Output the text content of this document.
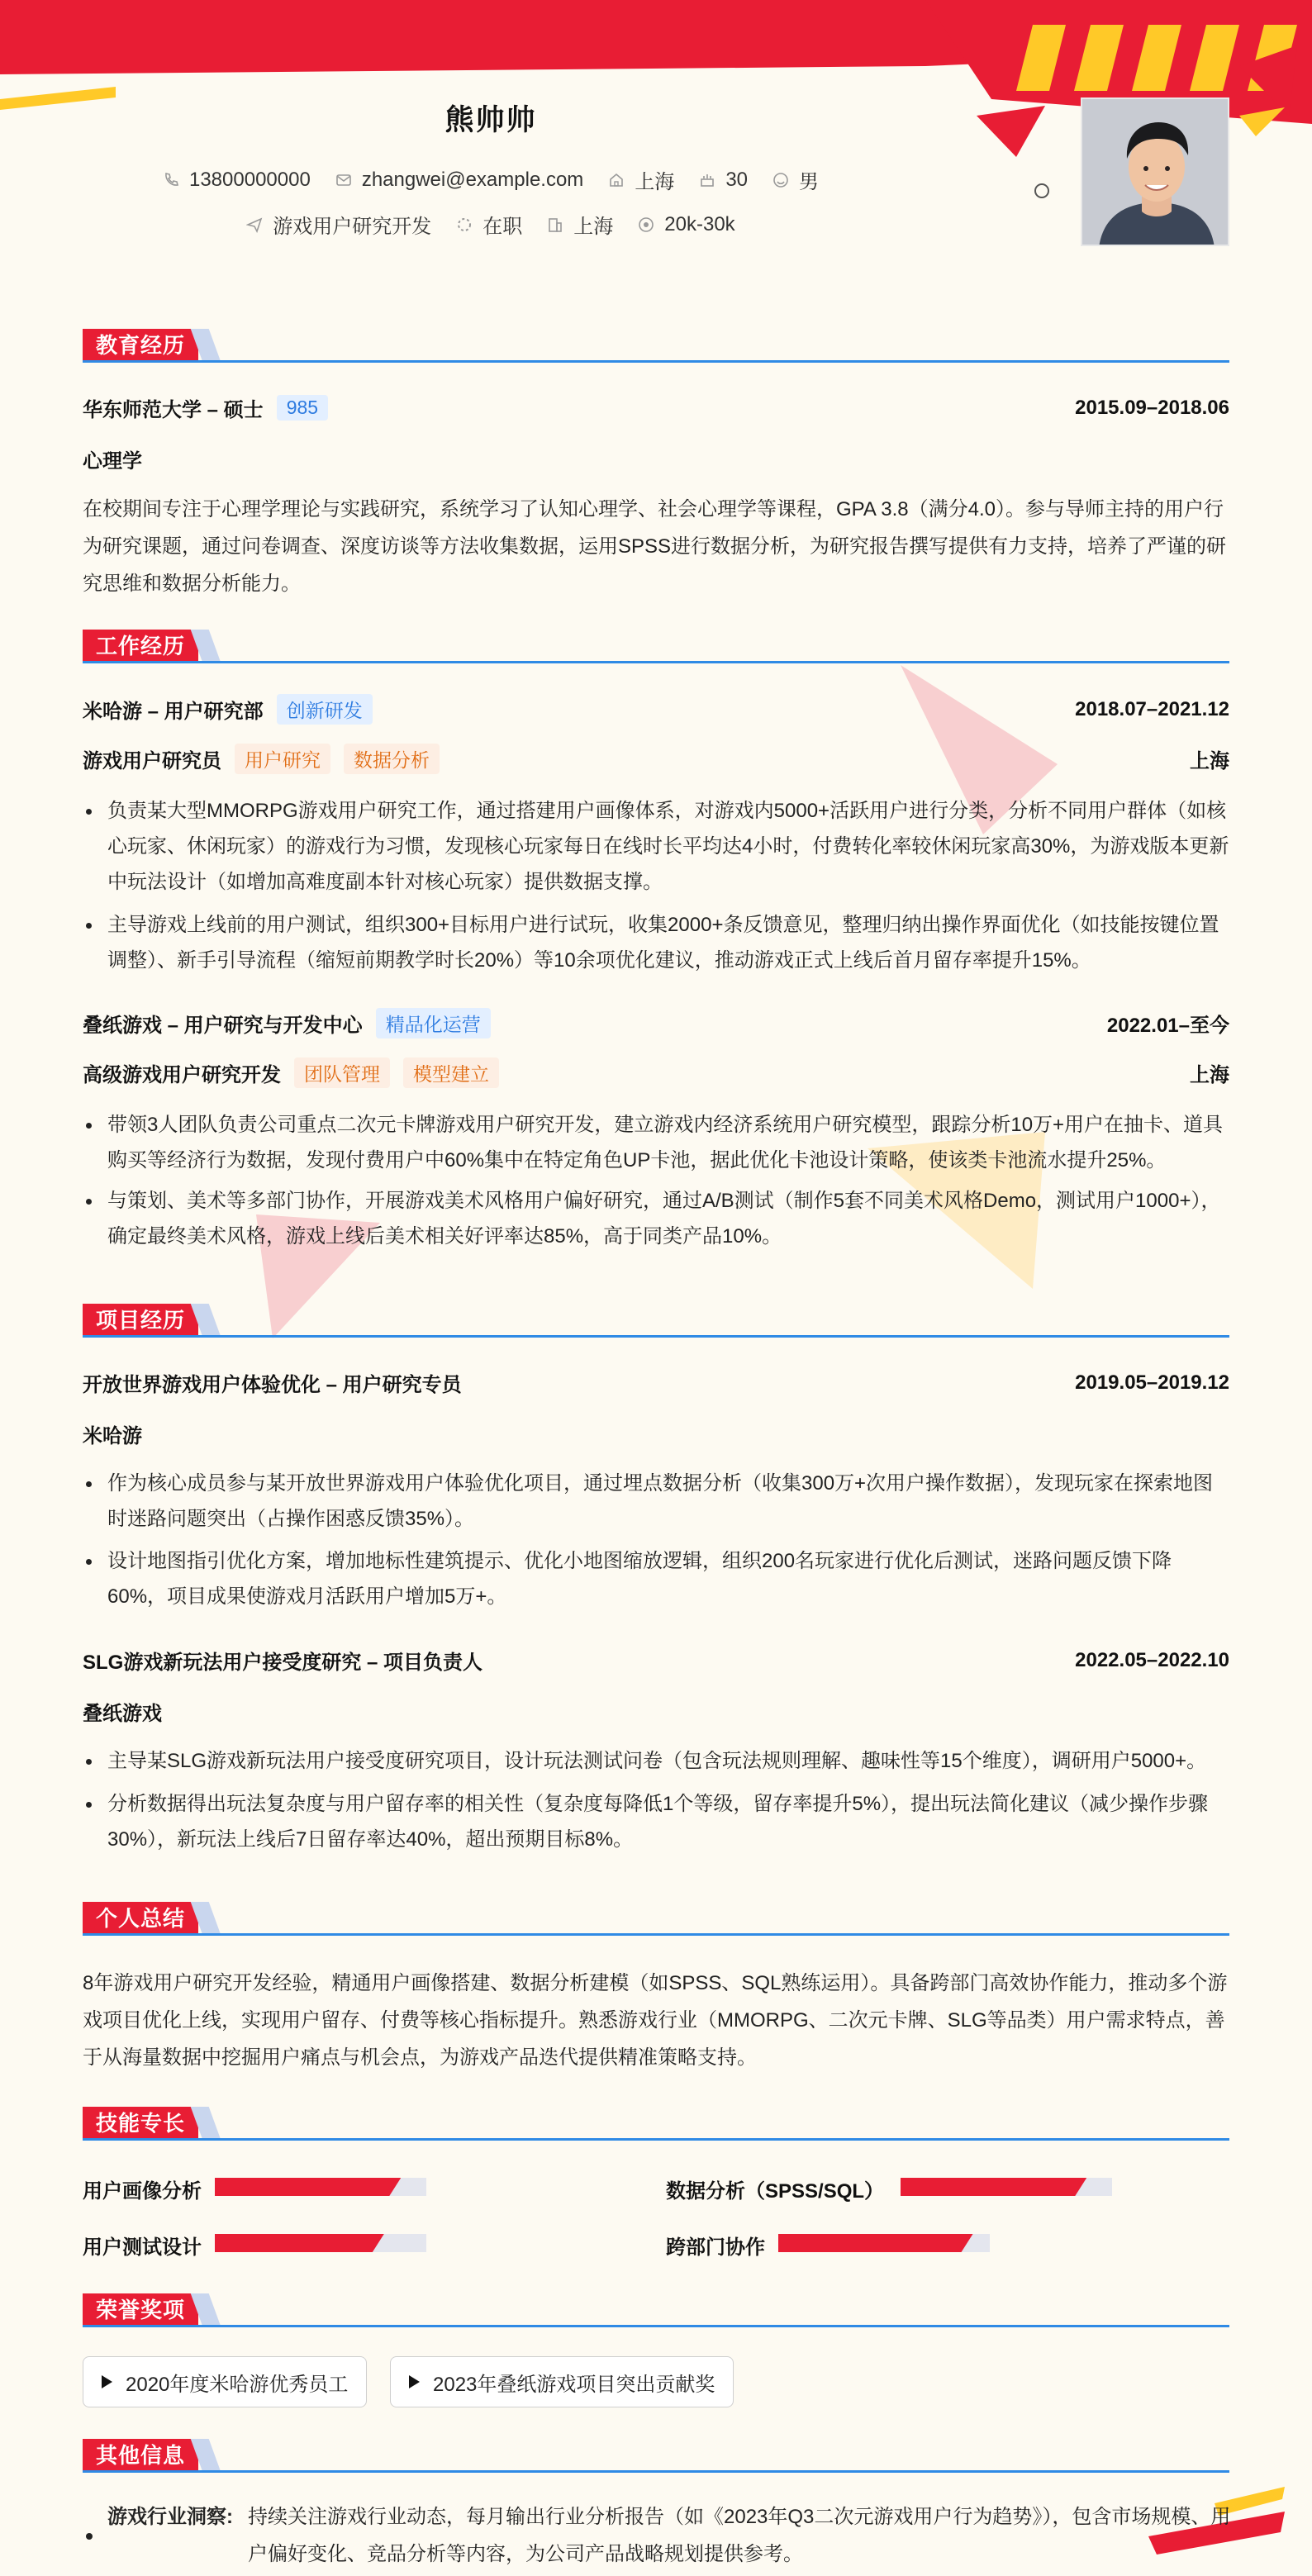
熊帅帅
13800000000	zhangwei@example.com	上海	30	男
游戏用户研究开发	在职	上海	20k-30k
教育经历
华东师范大学 – 硕士	985	2015.09–2018.06
心理学
在校期间专注于心理学理论与实践研究，系统学习了认知心理学、社会心理学等课程，GPA 3.8（满分4.0）。参与导师主持的用户行为研究课题，通过问卷调查、深度访谈等方法收集数据，运用SPSS进行数据分析，为研究报告撰写提供有力支持，培养了严谨的研究思维和数据分析能力。
工作经历
米哈游 – 用户研究部	创新研发	2018.07–2021.12
游戏用户研究员	用户研究	数据分析	上海
负责某大型MMORPG游戏用户研究工作，通过搭建用户画像体系，对游戏内5000+活跃用户进行分类，分析不同用户群体（如核心玩家、休闲玩家）的游戏行为习惯，发现核心玩家每日在线时长平均达4小时，付费转化率较休闲玩家高30%，为游戏版本更新中玩法设计（如增加高难度副本针对核心玩家）提供数据支撑。
主导游戏上线前的用户测试，组织300+目标用户进行试玩，收集2000+条反馈意见，整理归纳出操作界面优化（如技能按键位置调整）、新手引导流程（缩短前期教学时长20%）等10余项优化建议，推动游戏正式上线后首月留存率提升15%。
叠纸游戏 – 用户研究与开发中心	精品化运营	2022.01–至今
高级游戏用户研究开发	团队管理	模型建立	上海
带领3人团队负责公司重点二次元卡牌游戏用户研究开发，建立游戏内经济系统用户研究模型，跟踪分析10万+用户在抽卡、道具购买等经济行为数据，发现付费用户中60%集中在特定角色UP卡池，据此优化卡池设计策略，使该类卡池流水提升25%。
与策划、美术等多部门协作，开展游戏美术风格用户偏好研究，通过A/B测试（制作5套不同美术风格Demo，测试用户1000+），确定最终美术风格，游戏上线后美术相关好评率达85%，高于同类产品10%。
项目经历
开放世界游戏用户体验优化 – 用户研究专员	2019.05–2019.12
米哈游
作为核心成员参与某开放世界游戏用户体验优化项目，通过埋点数据分析（收集300万+次用户操作数据），发现玩家在探索地图时迷路问题突出（占操作困惑反馈35%）。
设计地图指引优化方案，增加地标性建筑提示、优化小地图缩放逻辑，组织200名玩家进行优化后测试，迷路问题反馈下降60%，项目成果使游戏月活跃用户增加5万+。
SLG游戏新玩法用户接受度研究 – 项目负责人	2022.05–2022.10
叠纸游戏
主导某SLG游戏新玩法用户接受度研究项目，设计玩法测试问卷（包含玩法规则理解、趣味性等15个维度），调研用户5000+。
分析数据得出玩法复杂度与用户留存率的相关性（复杂度每降低1个等级，留存率提升5%），提出玩法简化建议（减少操作步骤30%），新玩法上线后7日留存率达40%，超出预期目标8%。
个人总结
8年游戏用户研究开发经验，精通用户画像搭建、数据分析建模（如SPSS、SQL熟练运用）。具备跨部门高效协作能力，推动多个游戏项目优化上线，实现用户留存、付费等核心指标提升。熟悉游戏行业（MMORPG、二次元卡牌、SLG等品类）用户需求特点，善于从海量数据中挖掘用户痛点与机会点，为游戏产品迭代提供精准策略支持。
技能专长
用户画像分析	数据分析（SPSS/SQL）
用户测试设计	跨部门协作
荣誉奖项
2020年度米哈游优秀员工	2023年叠纸游戏项目突出贡献奖
其他信息
游戏行业洞察: 持续关注游戏行业动态，每月输出行业分析报告（如《2023年Q3二次元游戏用户行为趋势》），包含市场规模、用户偏好变化、竞品分析等内容，为公司产品战略规划提供参考。
